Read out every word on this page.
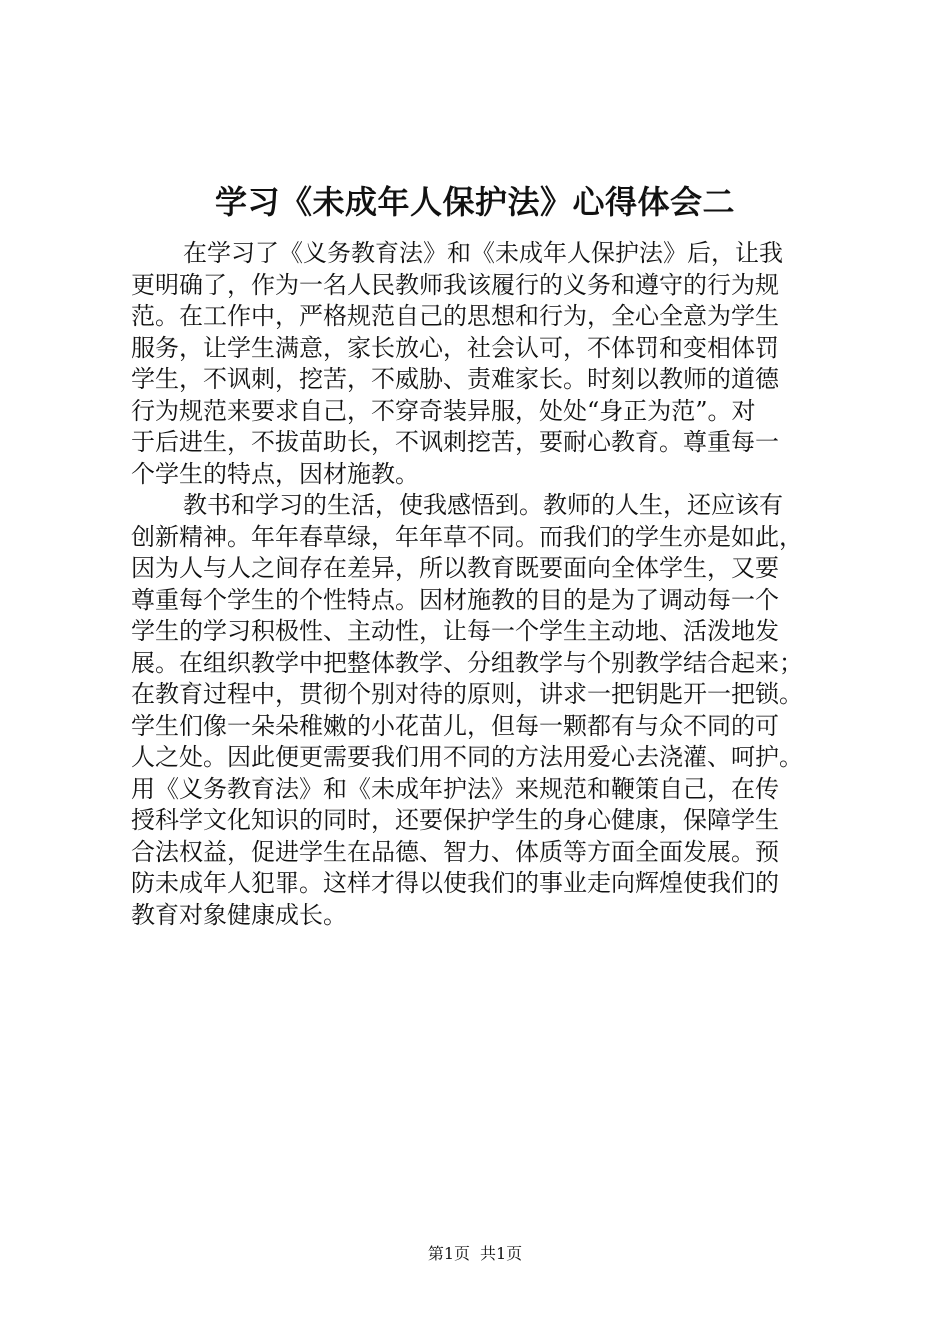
学习《未成年人保护法》心得体会二

在学习了《义务教育法》和《未成年人保护法》后，让我
更明确了，作为一名人民教师我该履行的义务和遵守的行为规
范。在工作中，严格规范自己的思想和行为，全心全意为学生
服务，让学生满意，家长放心，社会认可，不体罚和变相体罚
学生，不讽刺，挖苦，不威胁、责难家长。时刻以教师的道德
行为规范来要求自己，不穿奇装异服，处处“身正为范”。对
于后进生，不拔苗助长，不讽刺挖苦，要耐心教育。尊重每一
个学生的特点，因材施教。

教书和学习的生活，使我感悟到。教师的人生，还应该有
创新精神。年年春草绿，年年草不同。而我们的学生亦是如此，
因为人与人之间存在差异，所以教育既要面向全体学生，又要
尊重每个学生的个性特点。因材施教的目的是为了调动每一个
学生的学习积极性、主动性，让每一个学生主动地、活泼地发
展。在组织教学中把整体教学、分组教学与个别教学结合起来；
在教育过程中，贯彻个别对待的原则，讲求一把钥匙开一把锁。
学生们像一朵朵稚嫩的小花苗儿，但每一颗都有与众不同的可
人之处。因此便更需要我们用不同的方法用爱心去浇灌、呵护。
用《义务教育法》和《未成年护法》来规范和鞭策自己，在传
授科学文化知识的同时，还要保护学生的身心健康，保障学生
合法权益，促进学生在品德、智力、体质等方面全面发展。预
防未成年人犯罪。这样才得以使我们的事业走向辉煌使我们的
教育对象健康成长。

第1页 共1页
